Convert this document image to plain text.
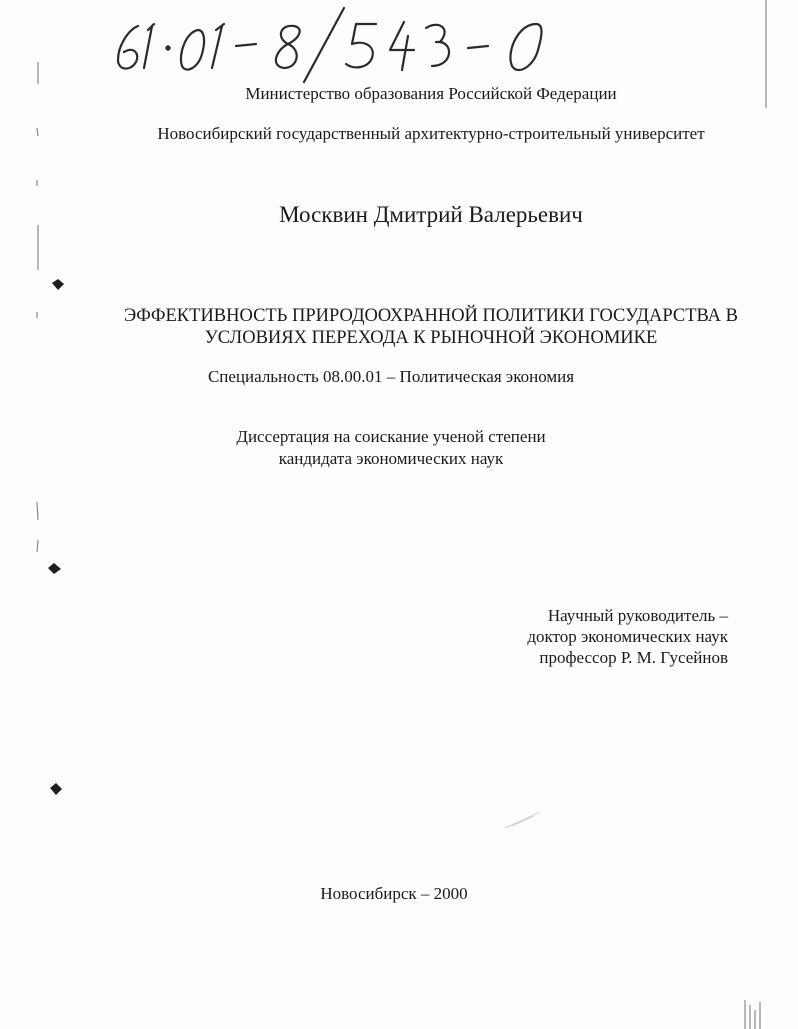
Министерство образования Российской Федерации
Новосибирский государственный архитектурно-строительный университет
Москвин Дмитрий Валерьевич
ЭФФЕКТИВНОСТЬ ПРИРОДООХРАННОЙ ПОЛИТИКИ ГОСУДАРСТВА В
УСЛОВИЯХ ПЕРЕХОДА К РЫНОЧНОЙ ЭКОНОМИКЕ
Специальность 08.00.01 – Политическая экономия
Диссертация на соискание ученой степени
кандидата экономических наук
Научный руководитель –
доктор экономических наук
профессор Р. М. Гусейнов
Новосибирск – 2000
